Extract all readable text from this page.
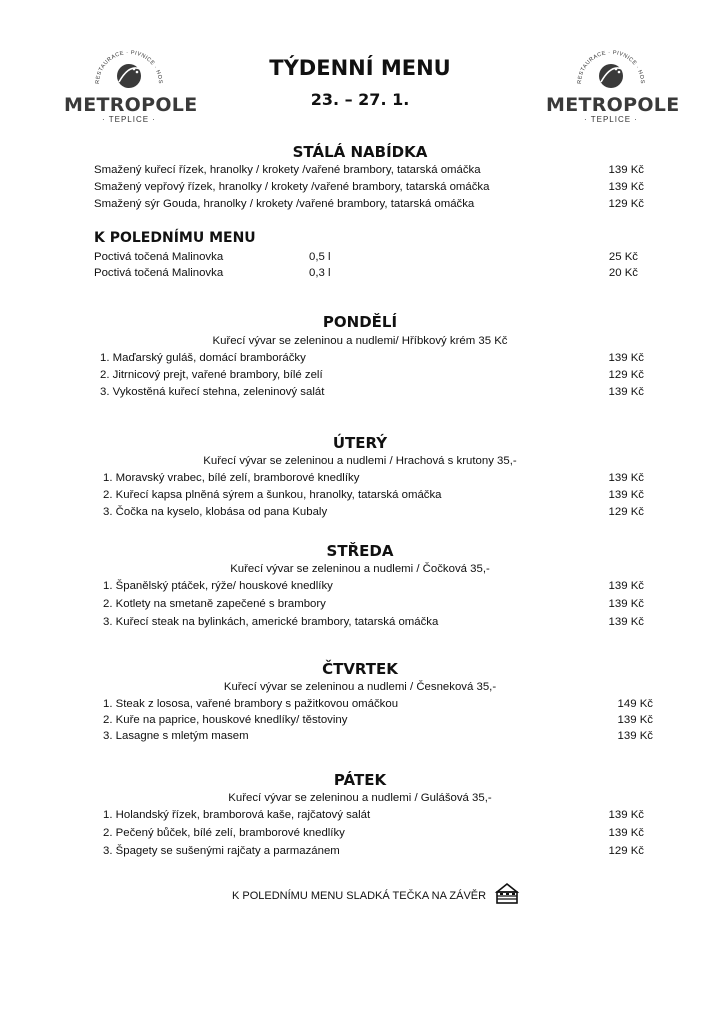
RESTAURACE · PIVNICE · HOS
METROPOLE
· TEPLICE ·
RESTAURACE · PIVNICE · HOS
METROPOLE
· TEPLICE ·
TÝDENNÍ MENU
23. – 27. 1.
STÁLÁ NABÍDKA
Smažený kuřecí řízek, hranolky / krokety /vařené brambory, tatarská omáčka	139 Kč
Smažený vepřový řízek, hranolky / krokety /vařené brambory, tatarská omáčka	139 Kč
Smažený sýr Gouda, hranolky / krokety /vařené brambory, tatarská omáčka	129 Kč
K POLEDNÍMU MENU
Poctivá točená Malinovka	0,5 l	25 Kč
Poctivá točená Malinovka	0,3 l	20 Kč
PONDĚLÍ
Kuřecí vývar se zeleninou a nudlemi/ Hříbkový krém 35 Kč
1. Maďarský guláš, domácí bramboráčky	139 Kč
2. Jitrnicový prejt, vařené brambory, bílé zelí	129 Kč
3. Vykostěná kuřecí stehna, zeleninový salát	139 Kč
ÚTERÝ
Kuřecí vývar se zeleninou a nudlemi / Hrachová s krutony 35,-
1. Moravský vrabec, bílé zelí, bramborové knedlíky	139 Kč
2. Kuřecí kapsa plněná sýrem a šunkou, hranolky, tatarská omáčka	139 Kč
3. Čočka na kyselo, klobása od pana Kubaly	129 Kč
STŘEDA
Kuřecí vývar se zeleninou a nudlemi / Čočková 35,-
1. Španělský ptáček, rýže/ houskové knedlíky	139 Kč
2. Kotlety na smetaně zapečené s brambory	139 Kč
3. Kuřecí steak na bylinkách, americké brambory, tatarská omáčka	139 Kč
ČTVRTEK
Kuřecí vývar se zeleninou a nudlemi / Česneková 35,-
1. Steak z lososa, vařené brambory s pažitkovou omáčkou	149 Kč
2. Kuře na paprice, houskové knedlíky/ těstoviny	139 Kč
3. Lasagne s mletým masem	139 Kč
PÁTEK
Kuřecí vývar se zeleninou a nudlemi / Gulášová 35,-
1. Holandský řízek, bramborová kaše, rajčatový salát	139 Kč
2. Pečený bůček, bílé zelí, bramborové knedlíky	139 Kč
3. Špagety se sušenými rajčaty a parmazánem	129 Kč
K POLEDNÍMU MENU SLADKÁ TEČKA NA ZÁVĚR
